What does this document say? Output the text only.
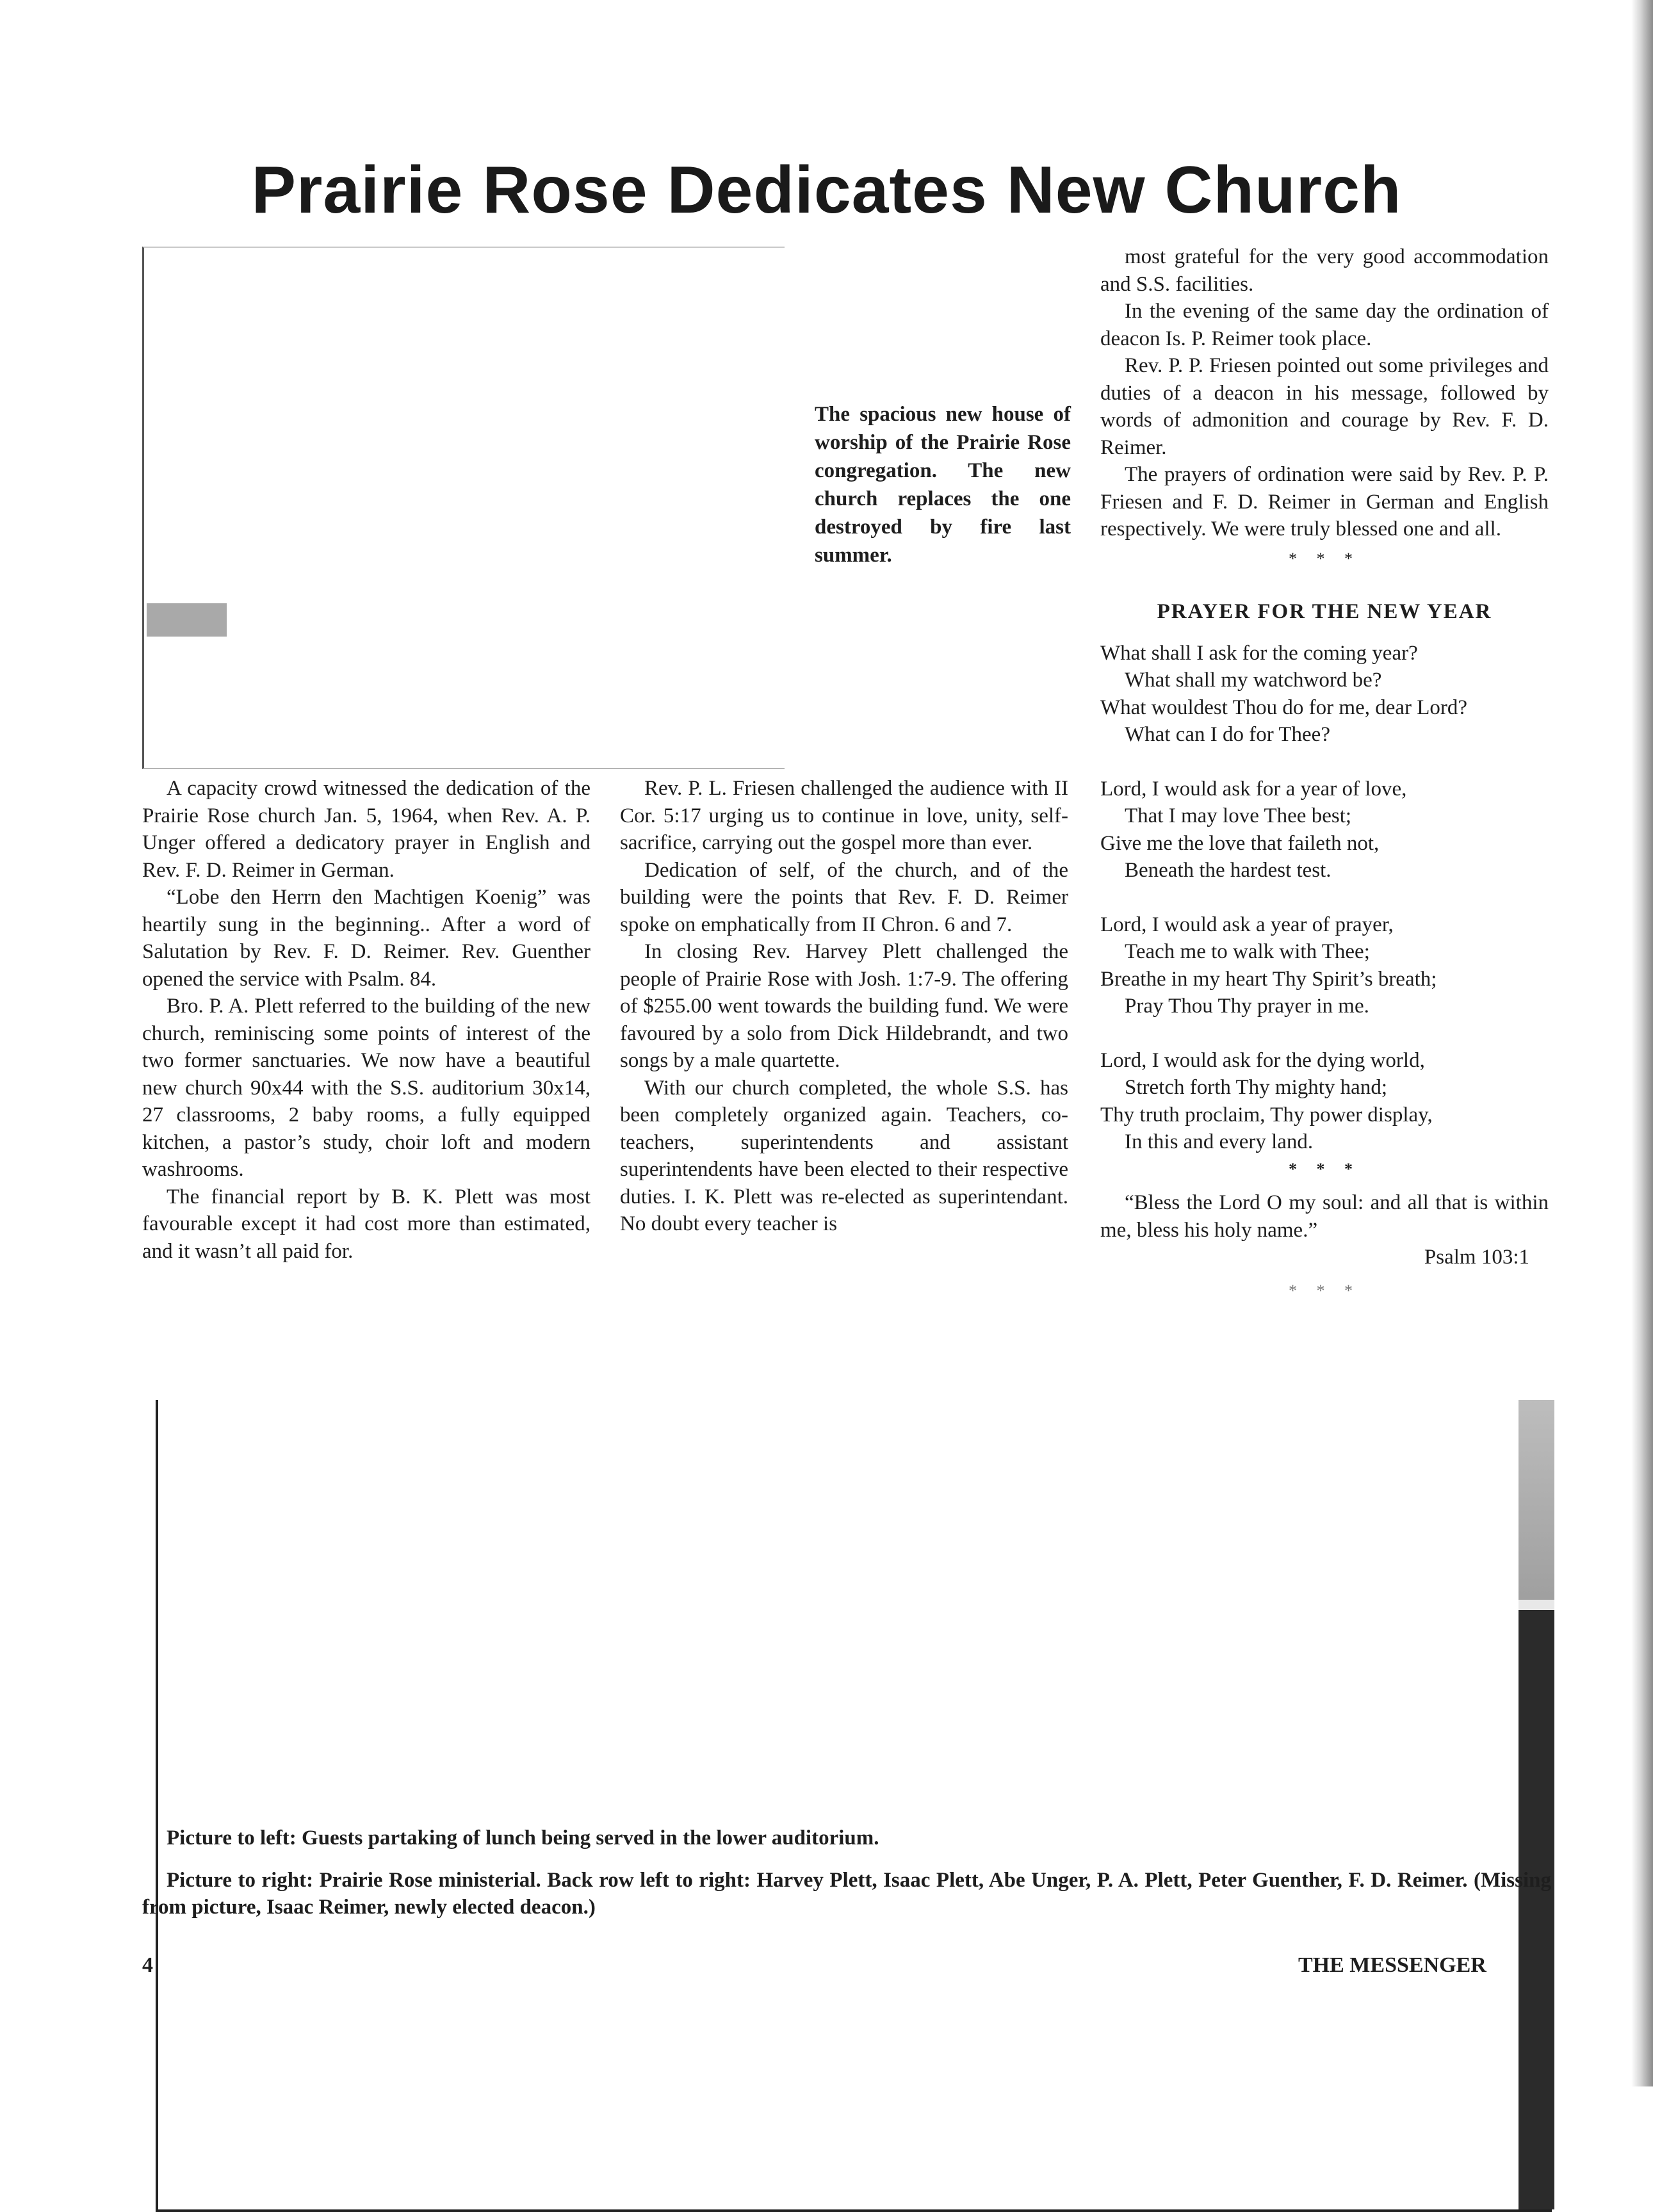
Prairie Rose Dedicates New Church

The spacious new house of worship of the Prairie Rose congregation. The new church replaces the one destroyed by fire last summer.

A capacity crowd witnessed the dedication of the Prairie Rose church Jan. 5, 1964, when Rev. A. P. Unger offered a dedicatory prayer in English and Rev. F. D. Reimer in German.

“Lobe den Herrn den Machtigen Koenig” was heartily sung in the beginning.. After a word of Salutation by Rev. F. D. Reimer. Rev. Guenther opened the service with Psalm. 84.

Bro. P. A. Plett referred to the building of the new church, reminiscing some points of interest of the two former sanctuaries. We now have a beautiful new church 90x44 with the S.S. auditorium 30x14, 27 classrooms, 2 baby rooms, a fully equipped kitchen, a pastor’s study, choir loft and modern washrooms.

The financial report by B. K. Plett was most favourable except it had cost more than estimated, and it wasn’t all paid for.

Rev. P. L. Friesen challenged the audience with II Cor. 5:17 urging us to continue in love, unity, self-sacrifice, carrying out the gospel more than ever.

Dedication of self, of the church, and of the building were the points that Rev. F. D. Reimer spoke on emphatically from II Chron. 6 and 7.

In closing Rev. Harvey Plett challenged the people of Prairie Rose with Josh. 1:7-9. The offering of $255.00 went towards the building fund. We were favoured by a solo from Dick Hildebrandt, and two songs by a male quartette.

With our church completed, the whole S.S. has been completely organized again. Teachers, co-teachers, superintendents and assistant superintendents have been elected to their respective duties. I. K. Plett was re-elected as superintendant. No doubt every teacher is

most grateful for the very good accommodation and S.S. facilities.

In the evening of the same day the ordination of deacon Is. P. Reimer took place.

Rev. P. P. Friesen pointed out some privileges and duties of a deacon in his message, followed by words of admonition and courage by Rev. F. D. Reimer.

The prayers of ordination were said by Rev. P. P. Friesen and F. D. Reimer in German and English respectively. We were truly blessed one and all.

* * *

PRAYER FOR THE NEW YEAR

What shall I ask for the coming year?
What shall my watchword be?
What wouldest Thou do for me, dear Lord?
What can I do for Thee?
Lord, I would ask for a year of love,
That I may love Thee best;
Give me the love that faileth not,
Beneath the hardest test.
Lord, I would ask a year of prayer,
Teach me to walk with Thee;
Breathe in my heart Thy Spirit’s breath;
Pray Thou Thy prayer in me.
Lord, I would ask for the dying world,
Stretch forth Thy mighty hand;
Thy truth proclaim, Thy power display,
In this and every land.

* * *

“Bless the Lord O my soul: and all that is within me, bless his holy name.”

Psalm 103:1

* * *

Picture to left: Guests partaking of lunch being served in the lower auditorium.
Picture to right: Prairie Rose ministerial. Back row left to right: Harvey Plett, Isaac Plett, Abe Unger, P. A. Plett, Peter Guenther, F. D. Reimer. (Missing from picture, Isaac Reimer, newly elected deacon.)
4	THE MESSENGER
